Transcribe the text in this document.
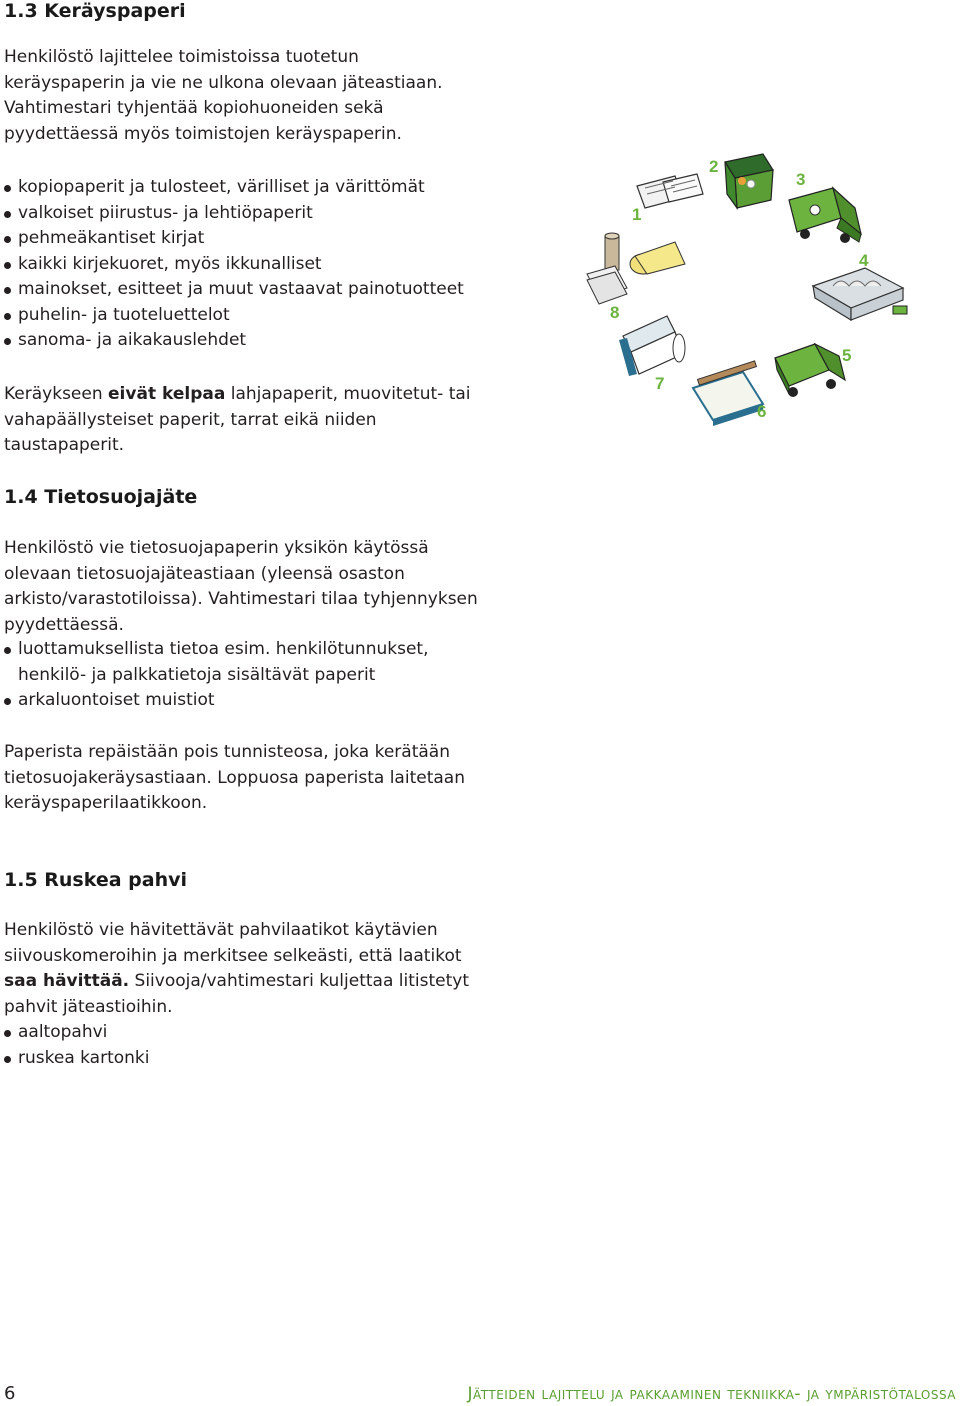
1.3 Keräyspaperi

Henkilöstö lajittelee toimistoissa tuotetun keräyspaperin ja vie ne ulkona olevaan jäteastiaan. Vahtimestari tyhjentää kopiohuoneiden sekä pyydettäessä myös toimistojen keräyspaperin.

kopiopaperit ja tulosteet, värilliset ja värittömät
valkoiset piirustus- ja lehtiöpaperit
pehmeäkantiset kirjat
kaikki kirjekuoret, myös ikkunalliset
mainokset, esitteet ja muut vastaavat painotuotteet
puhelin- ja tuoteluettelot
sanoma- ja aikakauslehdet

Keräykseen eivät kelpaa lahjapaperit, muovitetut- tai vahapäällysteiset paperit, tarrat eikä niiden taustapaperit.

1
2
3
4
5
6
7
8
1.4 Tietosuojajäte

Henkilöstö vie tietosuojapaperin yksikön käytössä olevaan tietosuojajäteastiaan (yleensä osaston arkisto/varastotiloissa). Vahtimestari tilaa tyhjennyksen pyydettäessä.

luottamuksellista tietoa esim. henkilötunnukset,
henkilö- ja palkkatietoja sisältävät paperit
arkaluontoiset muistiot

Paperista repäistään pois tunnisteosa, joka kerätään tietosuojakeräysastiaan. Loppuosa paperista laitetaan keräyspaperilaatikkoon.

1.5 Ruskea pahvi

Henkilöstö vie hävitettävät pahvilaatikot käytävien siivouskomeroihin ja merkitsee selkeästi, että laatikot saa hävittää. Siivooja/vahtimestari kuljettaa litistetyt pahvit jäteastioihin.

aaltopahvi
ruskea kartonki
6	Jätteiden lajittelu ja pakkaaminen tekniikka- ja ympäristötalossa
